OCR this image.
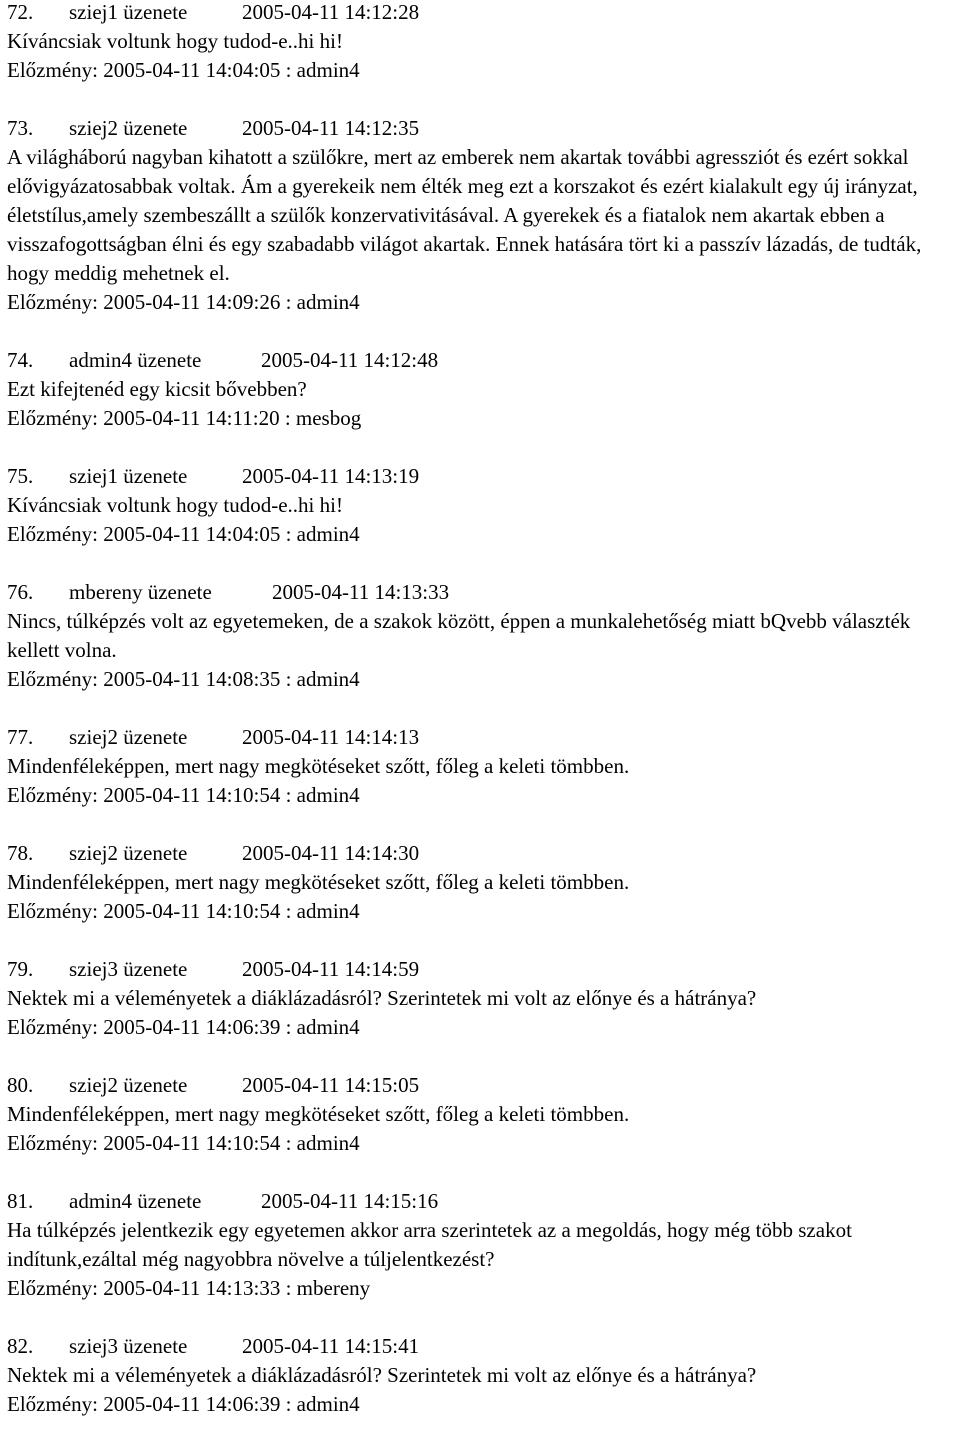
72. sziej1 üzenete	2005-04-11 14:12:28
Kíváncsiak voltunk hogy tudod-e..hi hi!
Előzmény: 2005-04-11 14:04:05 : admin4
73. sziej2 üzenete	2005-04-11 14:12:35
A világháború nagyban kihatott a szülőkre, mert az emberek nem akartak további agressziót és ezért sokkal elővigyázatosabbak voltak. Ám a gyerekeik nem élték meg ezt a korszakot és ezért kialakult egy új irányzat, életstílus,amely szembeszállt a szülők konzervativitásával. A gyerekek és a fiatalok nem akartak ebben a visszafogottságban élni és egy szabadabb világot akartak. Ennek hatására tört ki a passzív lázadás, de tudták, hogy meddig mehetnek el.
Előzmény: 2005-04-11 14:09:26 : admin4
74. admin4 üzenete	2005-04-11 14:12:48
Ezt kifejtenéd egy kicsit bővebben?
Előzmény: 2005-04-11 14:11:20 : mesbog
75. sziej1 üzenete	2005-04-11 14:13:19
Kíváncsiak voltunk hogy tudod-e..hi hi!
Előzmény: 2005-04-11 14:04:05 : admin4
76. mbereny üzenete	2005-04-11 14:13:33
Nincs, túlképzés volt az egyetemeken, de a szakok között, éppen a munkalehetőség miatt bQvebb választék kellett volna.
Előzmény: 2005-04-11 14:08:35 : admin4
77. sziej2 üzenete	2005-04-11 14:14:13
Mindenféleképpen, mert nagy megkötéseket szőtt, főleg a keleti tömbben.
Előzmény: 2005-04-11 14:10:54 : admin4
78. sziej2 üzenete	2005-04-11 14:14:30
Mindenféleképpen, mert nagy megkötéseket szőtt, főleg a keleti tömbben.
Előzmény: 2005-04-11 14:10:54 : admin4
79. sziej3 üzenete	2005-04-11 14:14:59
Nektek mi a véleményetek a diáklázadásról? Szerintetek mi volt az előnye és a hátránya?
Előzmény: 2005-04-11 14:06:39 : admin4
80. sziej2 üzenete	2005-04-11 14:15:05
Mindenféleképpen, mert nagy megkötéseket szőtt, főleg a keleti tömbben.
Előzmény: 2005-04-11 14:10:54 : admin4
81. admin4 üzenete	2005-04-11 14:15:16
Ha túlképzés jelentkezik egy egyetemen akkor arra szerintetek az a megoldás, hogy még több szakot indítunk,ezáltal még nagyobbra növelve a túljelentkezést?
Előzmény: 2005-04-11 14:13:33 : mbereny
82. sziej3 üzenete	2005-04-11 14:15:41
Nektek mi a véleményetek a diáklázadásról? Szerintetek mi volt az előnye és a hátránya?
Előzmény: 2005-04-11 14:06:39 : admin4
